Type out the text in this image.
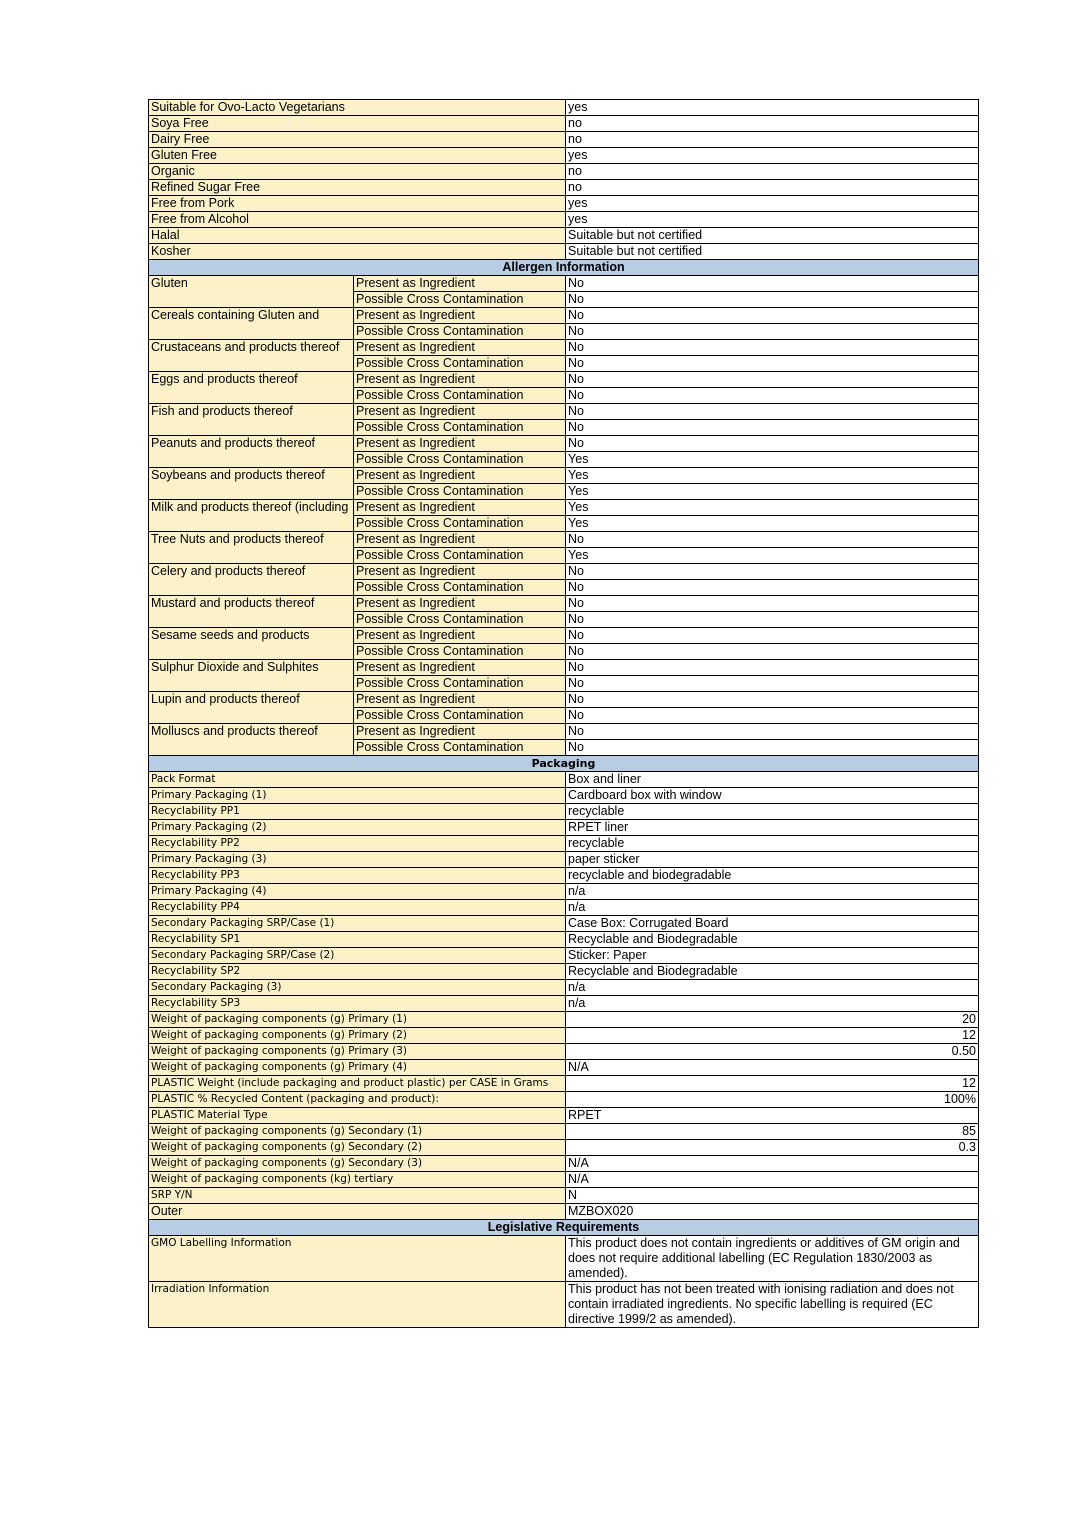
Suitable for Ovo-Lacto Vegetarians		yes
Soya Free		no
Dairy Free		no
Gluten Free		yes
Organic		no
Refined Sugar Free		no
Free from Pork		yes
Free from Alcohol		yes
Halal		Suitable but not certified
Kosher		Suitable but not certified
Allergen Information		
Gluten	Present as Ingredient	No
	Possible Cross Contamination	No
Cereals containing Gluten and	Present as Ingredient	No
	Possible Cross Contamination	No
Crustaceans and products thereof	Present as Ingredient	No
	Possible Cross Contamination	No
Eggs and products thereof	Present as Ingredient	No
	Possible Cross Contamination	No
Fish and products thereof	Present as Ingredient	No
	Possible Cross Contamination	No
Peanuts and products thereof	Present as Ingredient	No
	Possible Cross Contamination	Yes
Soybeans and products thereof	Present as Ingredient	Yes
	Possible Cross Contamination	Yes
Milk and products thereof (including	Present as Ingredient	Yes
	Possible Cross Contamination	Yes
Tree Nuts and products thereof	Present as Ingredient	No
	Possible Cross Contamination	Yes
Celery and products thereof	Present as Ingredient	No
	Possible Cross Contamination	No
Mustard and products thereof	Present as Ingredient	No
	Possible Cross Contamination	No
Sesame seeds and products	Present as Ingredient	No
	Possible Cross Contamination	No
Sulphur Dioxide and Sulphites	Present as Ingredient	No
	Possible Cross Contamination	No
Lupin and products thereof	Present as Ingredient	No
	Possible Cross Contamination	No
Molluscs and products thereof	Present as Ingredient	No
	Possible Cross Contamination	No
Packaging		
Pack Format		Box and liner
Primary Packaging (1)		Cardboard box with window
Recyclability PP1		recyclable
Primary Packaging (2)		RPET liner
Recyclability PP2		recyclable
Primary Packaging (3)		paper sticker
Recyclability PP3		recyclable and biodegradable
Primary Packaging (4)		n/a
Recyclability PP4		n/a
Secondary Packaging SRP/Case (1)		Case Box: Corrugated Board
Recyclability SP1		Recyclable and Biodegradable
Secondary Packaging SRP/Case (2)		Sticker: Paper
Recyclability SP2		Recyclable and Biodegradable
Secondary Packaging (3)		n/a
Recyclability SP3		n/a
Weight of packaging components (g) Primary (1)		20
Weight of packaging components (g) Primary (2)		12
Weight of packaging components (g) Primary (3)		0.50
Weight of packaging components (g) Primary (4)		N/A
PLASTIC Weight (include packaging and product plastic) per CASE in Grams		12
PLASTIC % Recycled Content (packaging and product):		100%
PLASTIC Material Type		RPET
Weight of packaging components (g) Secondary (1)		85
Weight of packaging components (g) Secondary (2)		0.3
Weight of packaging components (g) Secondary (3)		N/A
Weight of packaging components (kg) tertiary		N/A
SRP Y/N		N
Outer		MZBOX020
Legislative Requirements		
GMO Labelling Information		This product does not contain ingredients or additives of GM origin and does not require additional labelling (EC Regulation 1830/2003 as amended).
Irradiation Information		This product has not been treated with ionising radiation and does not contain irradiated ingredients. No specific labelling is required (EC directive 1999/2 as amended).
